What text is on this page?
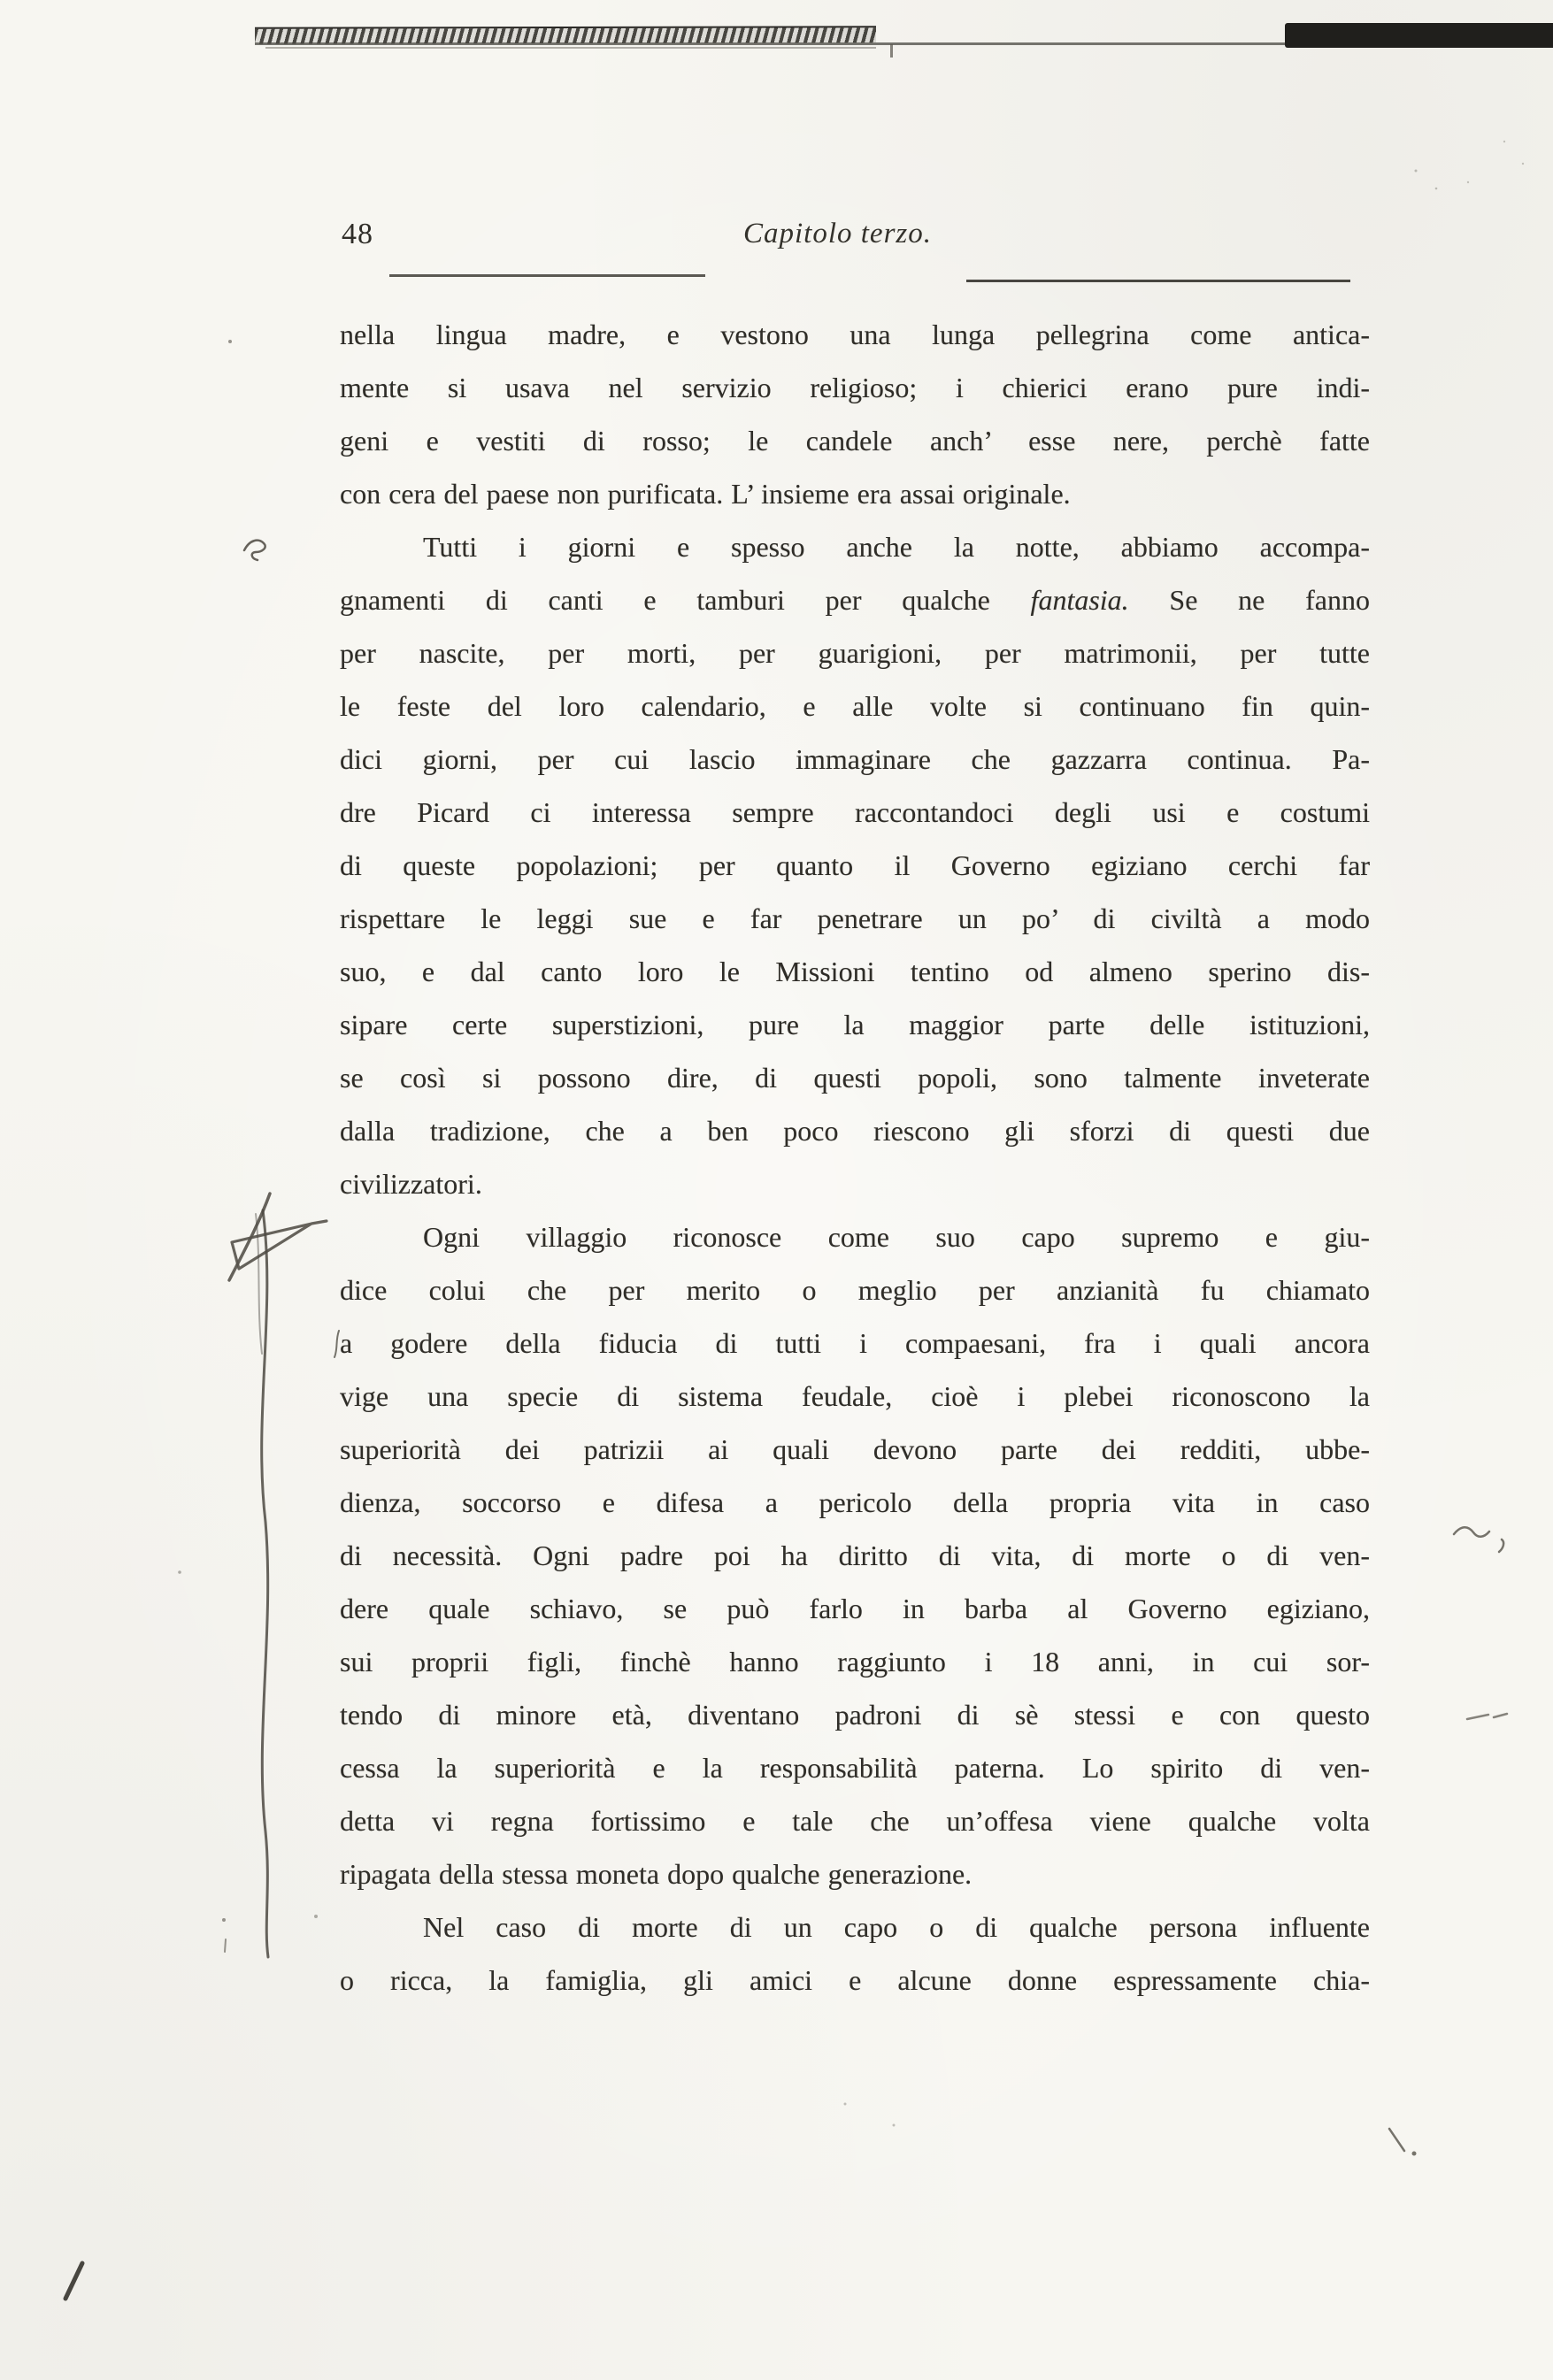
48	Capitolo terzo.
nella lingua madre, e vestono una lunga pellegrina come antica-
mente si usava nel servizio religioso; i chierici erano pure indi-
geni e vestiti di rosso; le candele anch’ esse nere, perchè fatte
con cera del paese non purificata. L’ insieme era assai originale.
Tutti i giorni e spesso anche la notte, abbiamo accompa-
gnamenti di canti e tamburi per qualche fantasia. Se ne fanno
per nascite, per morti, per guarigioni, per matrimonii, per tutte
le feste del loro calendario, e alle volte si continuano fin quin-
dici giorni, per cui lascio immaginare che gazzarra continua. Pa-
dre Picard ci interessa sempre raccontandoci degli usi e costumi
di queste popolazioni; per quanto il Governo egiziano cerchi far
rispettare le leggi sue e far penetrare un po’ di civiltà a modo
suo, e dal canto loro le Missioni tentino od almeno sperino dis-
sipare certe superstizioni, pure la maggior parte delle istituzioni,
se così si possono dire, di questi popoli, sono talmente inveterate
dalla tradizione, che a ben poco riescono gli sforzi di questi due
civilizzatori.
Ogni villaggio riconosce come suo capo supremo e giu-
dice colui che per merito o meglio per anzianità fu chiamato
a godere della fiducia di tutti i compaesani, fra i quali ancora
vige una specie di sistema feudale, cioè i plebei riconoscono la
superiorità dei patrizii ai quali devono parte dei redditi, ubbe-
dienza, soccorso e difesa a pericolo della propria vita in caso
di necessità. Ogni padre poi ha diritto di vita, di morte o di ven-
dere quale schiavo, se può farlo in barba al Governo egiziano,
sui proprii figli, finchè hanno raggiunto i 18 anni, in cui sor-
tendo di minore età, diventano padroni di sè stessi e con questo
cessa la superiorità e la responsabilità paterna. Lo spirito di ven-
detta vi regna fortissimo e tale che un’offesa viene qualche volta
ripagata della stessa moneta dopo qualche generazione.
Nel caso di morte di un capo o di qualche persona influente
o ricca, la famiglia, gli amici e alcune donne espressamente chia-
